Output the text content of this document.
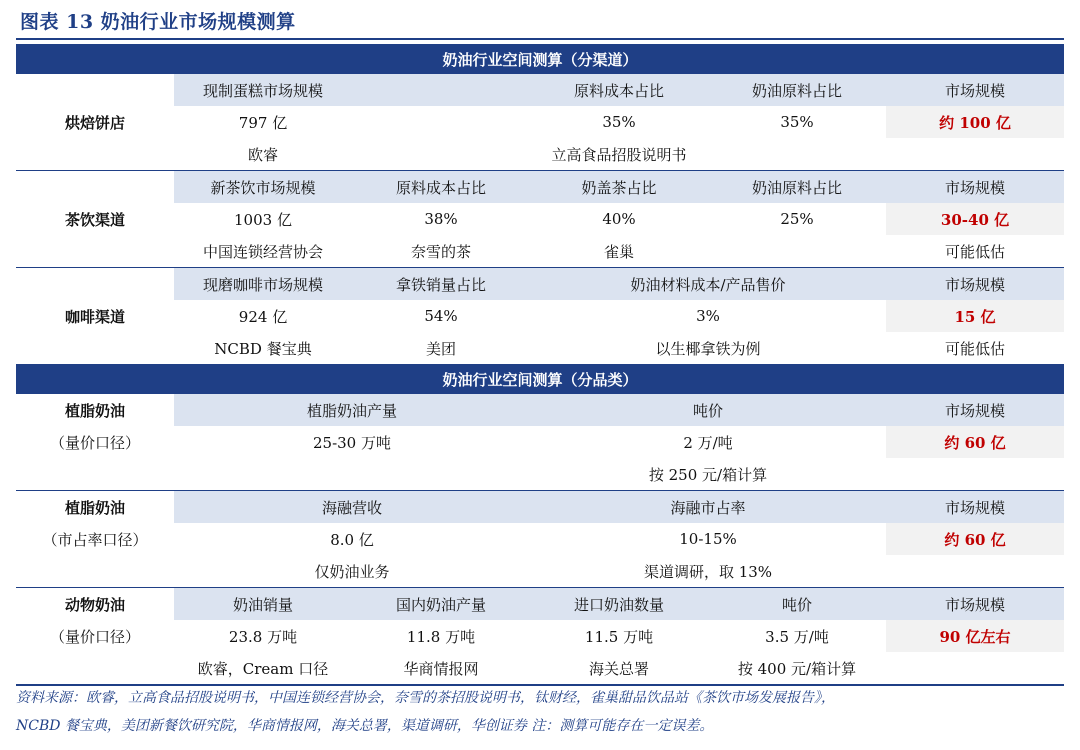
图表 13 奶油行业市场规模测算
奶油行业空间测算（分渠道）					
烘焙饼店	现制蛋糕市场规模		原料成本占比	奶油原料占比	市场规模
	797 亿		35%	35%	约 100 亿
	欧睿	立高食品招股说明书			
茶饮渠道	新茶饮市场规模	原料成本占比	奶盖茶占比	奶油原料占比	市场规模
	1003 亿	38%	40%	25%	30-40 亿
	中国连锁经营协会	奈雪的茶	雀巢		可能低估
咖啡渠道	现磨咖啡市场规模	拿铁销量占比	奶油材料成本/产品售价		市场规模
	924 亿	54%	3%		15 亿
	NCBD 餐宝典	美团	以生椰拿铁为例		可能低估
奶油行业空间测算（分品类）					
植脂奶油	植脂奶油产量		吨价		市场规模
（量价口径）	25-30 万吨		2 万/吨		约 60 亿
			按 250 元/箱计算		
植脂奶油	海融营收		海融市占率		市场规模
（市占率口径）	8.0 亿		10-15%		约 60 亿
	仅奶油业务		渠道调研，取 13%		
动物奶油	奶油销量	国内奶油产量	进口奶油数量	吨价	市场规模
（量价口径）	23.8 万吨	11.8 万吨	11.5 万吨	3.5 万/吨	90 亿左右
	欧睿，Cream 口径	华商情报网	海关总署	按 400 元/箱计算	
资料来源：欧睿，立高食品招股说明书，中国连锁经营协会，奈雪的茶招股说明书，钛财经，雀巢甜品饮品站《茶饮市场发展报告》，
NCBD 餐宝典，美团新餐饮研究院，华商情报网，海关总署，渠道调研，华创证券 注：测算可能存在一定误差。
